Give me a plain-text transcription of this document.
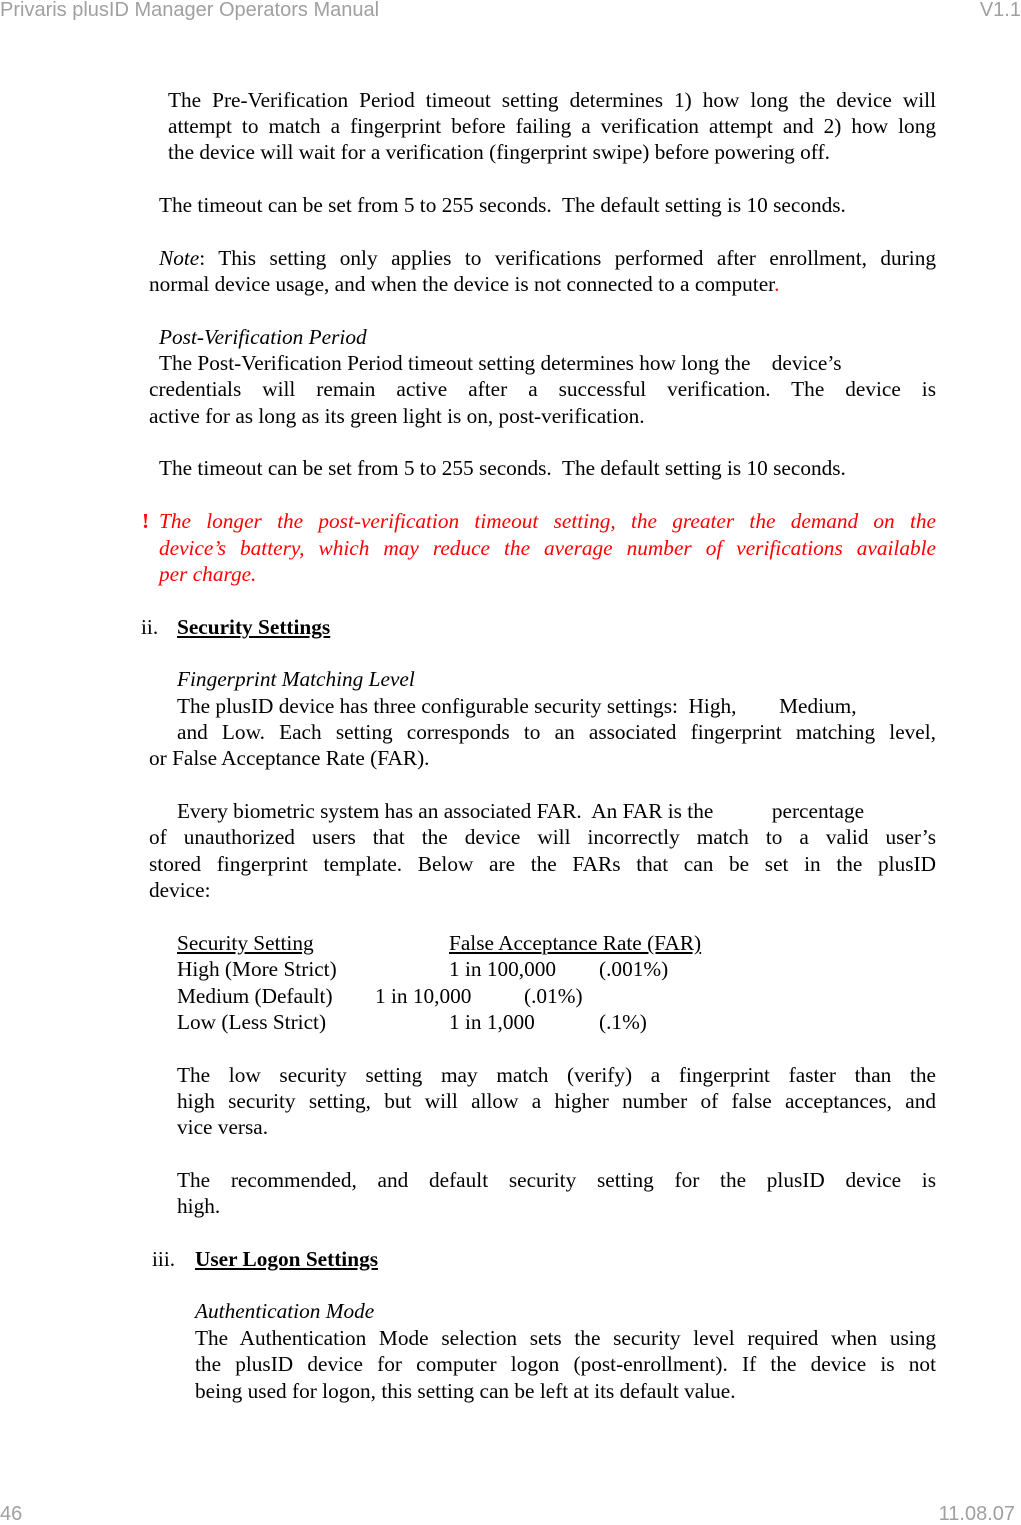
Privaris plusID Manager Operators Manual	V1.1
The Pre-Verification Period timeout setting determines 1) how long the device will
attempt to match a fingerprint before failing a verification attempt and 2) how long
the device will wait for a verification (fingerprint swipe) before powering off.
The timeout can be set from 5 to 255 seconds.  The default setting is 10 seconds.
Note: This setting only applies to verifications performed after enrollment, during
normal device usage, and when the device is not connected to a computer.
Post-Verification Period
The Post-Verification Period timeout setting determines how long the    device’s
credentials will remain active after a successful verification. The device is
active for as long as its green light is on, post-verification.
The timeout can be set from 5 to 255 seconds.  The default setting is 10 seconds.
! The longer the post-verification timeout setting, the greater the demand on the
device’s battery, which may reduce the average number of verifications available
per charge.
ii. Security Settings
Fingerprint Matching Level
The plusID device has three configurable security settings:  High,        Medium,
and Low. Each setting corresponds to an associated fingerprint matching level,
or False Acceptance Rate (FAR).
Every biometric system has an associated FAR.  An FAR is the           percentage
of unauthorized users that the device will incorrectly match to a valid user’s
stored fingerprint template. Below are the FARs that can be set in the plusID
device:
Security Setting	False Acceptance Rate (FAR)
High (More Strict)	1 in 100,000 (.001%)
Medium (Default) 1 in 10,000 (.01%)
Low (Less Strict)	1 in 1,000	(.1%)
The low security setting may match (verify) a fingerprint faster than the
high security setting, but will allow a higher number of false acceptances, and
vice versa.
The recommended, and default security setting for the plusID device is
high.
iii. User Logon Settings
Authentication Mode
The Authentication Mode selection sets the security level required when using
the plusID device for computer logon (post-enrollment). If the device is not
being used for logon, this setting can be left at its default value.
46	11.08.07
